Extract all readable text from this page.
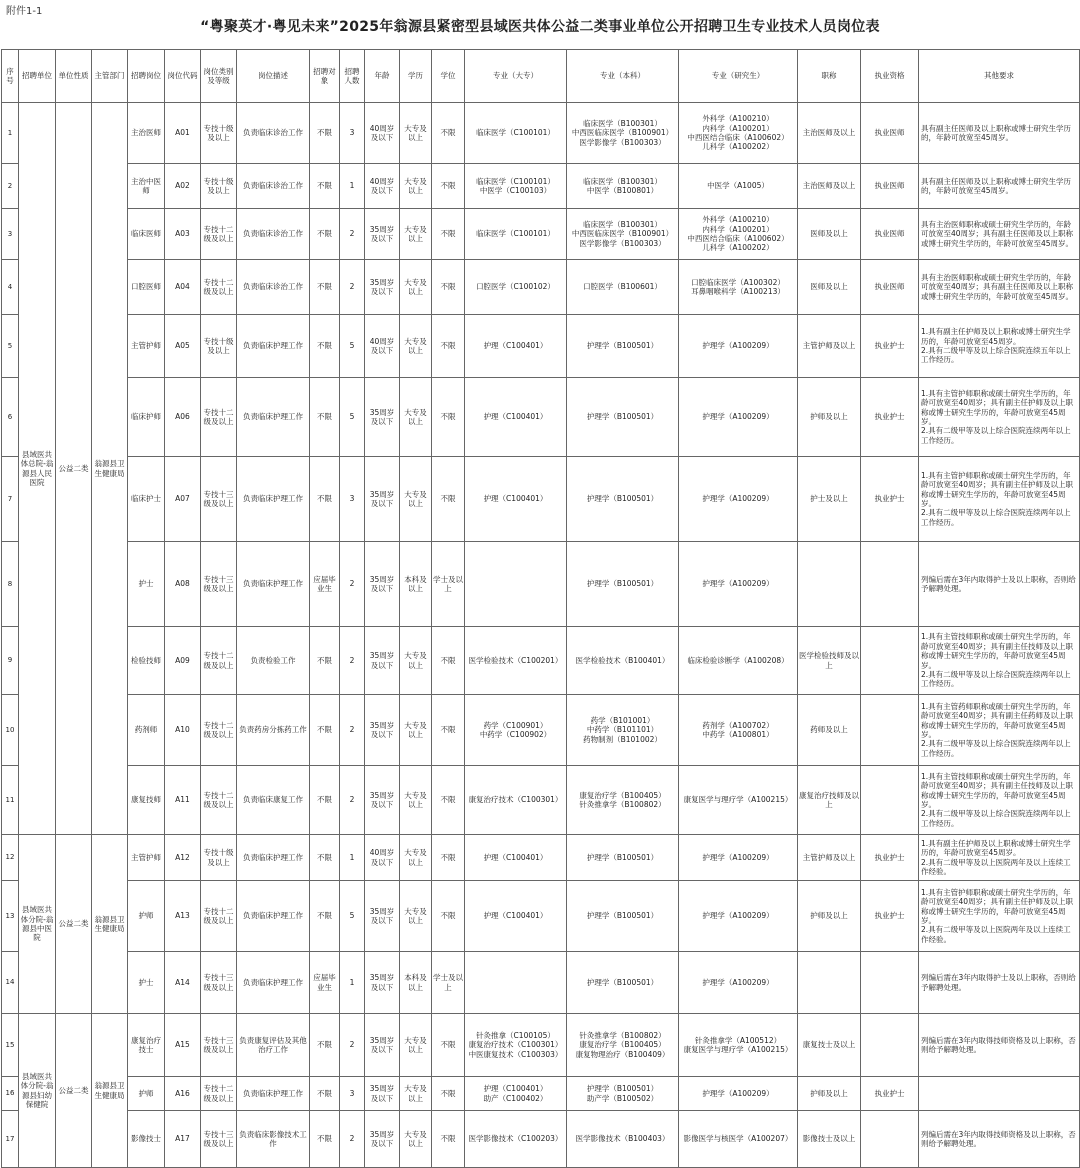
附件1-1
“粤聚英才·粤见未来”2025年翁源县紧密型县域医共体公益二类事业单位公开招聘卫生专业技术人员岗位表
序号	招聘单位	单位性质	主管部门	招聘岗位	岗位代码	岗位类别及等级	岗位描述	招聘对象	招聘人数	年龄	学历	学位	专业（大专）	专业（本科）	专业（研究生）	职称	执业资格	其他要求
1	县域医共体总院-翁源县人民医院	公益二类	翁源县卫生健康局	主治医师	A01	专技十级及以上	负责临床诊治工作	不限	3	40周岁及以下	大专及以上	不限	临床医学（C100101）	临床医学（B100301）
中西医临床医学（B100901）
医学影像学（B100303）	外科学（A100210）
内科学（A100201）
中西医结合临床（A100602）
儿科学（A100202）	主治医师及以上	执业医师	具有副主任医师及以上职称或博士研究生学历的，年龄可放宽至45周岁。
2				主治中医师	A02	专技十级及以上	负责临床诊治工作	不限	1	40周岁及以下	大专及以上	不限	临床医学（C100101）
中医学（C100103）	临床医学（B100301）
中医学（B100801）	中医学（A1005）	主治医师及以上	执业医师	具有副主任医师及以上职称或博士研究生学历的，年龄可放宽至45周岁。
3				临床医师	A03	专技十二级及以上	负责临床诊治工作	不限	2	35周岁及以下	大专及以上	不限	临床医学（C100101）	临床医学（B100301）
中西医临床医学（B100901）
医学影像学（B100303）	外科学（A100210）
内科学（A100201）
中西医结合临床（A100602）
儿科学（A100202）	医师及以上	执业医师	具有主治医师职称或硕士研究生学历的，年龄可放宽至40周岁；具有副主任医师及以上职称或博士研究生学历的，年龄可放宽至45周岁。
4				口腔医师	A04	专技十二级及以上	负责临床诊治工作	不限	2	35周岁及以下	大专及以上	不限	口腔医学（C100102）	口腔医学（B100601）	口腔临床医学（A100302）
耳鼻咽喉科学（A100213）	医师及以上	执业医师	具有主治医师职称或硕士研究生学历的，年龄可放宽至40周岁；具有副主任医师及以上职称或博士研究生学历的，年龄可放宽至45周岁。
5				主管护师	A05	专技十级及以上	负责临床护理工作	不限	5	40周岁及以下	大专及以上	不限	护理（C100401）	护理学（B100501）	护理学（A100209）	主管护师及以上	执业护士	1.具有副主任护师及以上职称或博士研究生学历的，年龄可放宽至45周岁。
2.具有二级甲等及以上综合医院连续五年以上工作经历。
6				临床护师	A06	专技十二级及以上	负责临床护理工作	不限	5	35周岁及以下	大专及以上	不限	护理（C100401）	护理学（B100501）	护理学（A100209）	护师及以上	执业护士	1.具有主管护师职称或硕士研究生学历的，年龄可放宽至40周岁；具有副主任护师及以上职称或博士研究生学历的，年龄可放宽至45周岁。
2.具有二级甲等及以上综合医院连续两年以上工作经历。
7				临床护士	A07	专技十三级及以上	负责临床护理工作	不限	3	35周岁及以下	大专及以上	不限	护理（C100401）	护理学（B100501）	护理学（A100209）	护士及以上	执业护士	1.具有主管护师职称或硕士研究生学历的，年龄可放宽至40周岁；具有副主任护师及以上职称或博士研究生学历的，年龄可放宽至45周岁。
2.具有二级甲等及以上综合医院连续两年以上工作经历。
8				护士	A08	专技十三级及以上	负责临床护理工作	应届毕业生	2	35周岁及以下	本科及以上	学士及以上		护理学（B100501）	护理学（A100209）			列编后需在3年内取得护士及以上职称，否则给予解聘处理。
9				检验技师	A09	专技十二级及以上	负责检验工作	不限	2	35周岁及以下	大专及以上	不限	医学检验技术（C100201）	医学检验技术（B100401）	临床检验诊断学（A100208）	医学检验技师及以上		1.具有主管技师职称或硕士研究生学历的，年龄可放宽至40周岁；具有副主任技师及以上职称或博士研究生学历的，年龄可放宽至45周岁。
2.具有二级甲等及以上综合医院连续两年以上工作经历。
10				药剂师	A10	专技十二级及以上	负责药房分拣药工作	不限	2	35周岁及以下	大专及以上	不限	药学（C100901）
中药学（C100902）	药学（B101001）
中药学（B101101）
药物制剂（B101002）	药剂学（A100702）
中药学（A100801）	药师及以上		1.具有主管药师职称或硕士研究生学历的，年龄可放宽至40周岁；具有副主任药师及以上职称或博士研究生学历的，年龄可放宽至45周岁。
2.具有二级甲等及以上综合医院连续两年以上工作经历。
11				康复技师	A11	专技十二级及以上	负责临床康复工作	不限	2	35周岁及以下	大专及以上	不限	康复治疗技术（C100301）	康复治疗学（B100405）
针灸推拿学（B100802）	康复医学与理疗学（A100215）	康复治疗技师及以上		1.具有主管技师职称或硕士研究生学历的，年龄可放宽至40周岁；具有副主任技师及以上职称或博士研究生学历的，年龄可放宽至45周岁。
2.具有二级甲等及以上综合医院连续两年以上工作经历。
12	县域医共体分院-翁源县中医院	公益二类	翁源县卫生健康局	主管护师	A12	专技十级及以上	负责临床护理工作	不限	1	40周岁及以下	大专及以上	不限	护理（C100401）	护理学（B100501）	护理学（A100209）	主管护师及以上	执业护士	1.具有副主任护师及以上职称或博士研究生学历的，年龄可放宽至45周岁。
2.具有二级甲等及以上医院两年及以上连续工作经验。
13				护师	A13	专技十二级及以上	负责临床护理工作	不限	5	35周岁及以下	大专及以上	不限	护理（C100401）	护理学（B100501）	护理学（A100209）	护师及以上	执业护士	1.具有主管护师职称或硕士研究生学历的，年龄可放宽至40周岁；具有副主任护师及以上职称或博士研究生学历的，年龄可放宽至45周岁。
2.具有二级甲等及以上医院两年及以上连续工作经验。
14				护士	A14	专技十三级及以上	负责临床护理工作	应届毕业生	1	35周岁及以下	本科及以上	学士及以上		护理学（B100501）	护理学（A100209）			列编后需在3年内取得护士及以上职称，否则给予解聘处理。
15	县域医共体分院-翁源县妇幼保健院	公益二类	翁源县卫生健康局	康复治疗技士	A15	专技十三级及以上	负责康复评估及其他治疗工作	不限	2	35周岁及以下	大专及以上	不限	针灸推拿（C100105）
康复治疗技术（C100301）
中医康复技术（C100303）	针灸推拿学（B100802）
康复治疗学（B100405）
康复物理治疗（B100409）	针灸推拿学（A100512）
康复医学与理疗学（A100215）	康复技士及以上		列编后需在3年内取得技师资格及以上职称，否则给予解聘处理。
16				护师	A16	专技十二级及以上	负责临床护理工作	不限	3	35周岁及以下	大专及以上	不限	护理（C100401）
助产（C100402）	护理学（B100501）
助产学（B100502）	护理学（A100209）	护师及以上	执业护士	
17				影像技士	A17	专技十三级及以上	负责临床影像技术工作	不限	2	35周岁及以下	大专及以上	不限	医学影像技术（C100203）	医学影像技术（B100403）	影像医学与核医学（A100207）	影像技士及以上		列编后需在3年内取得技师资格及以上职称，否则给予解聘处理。
